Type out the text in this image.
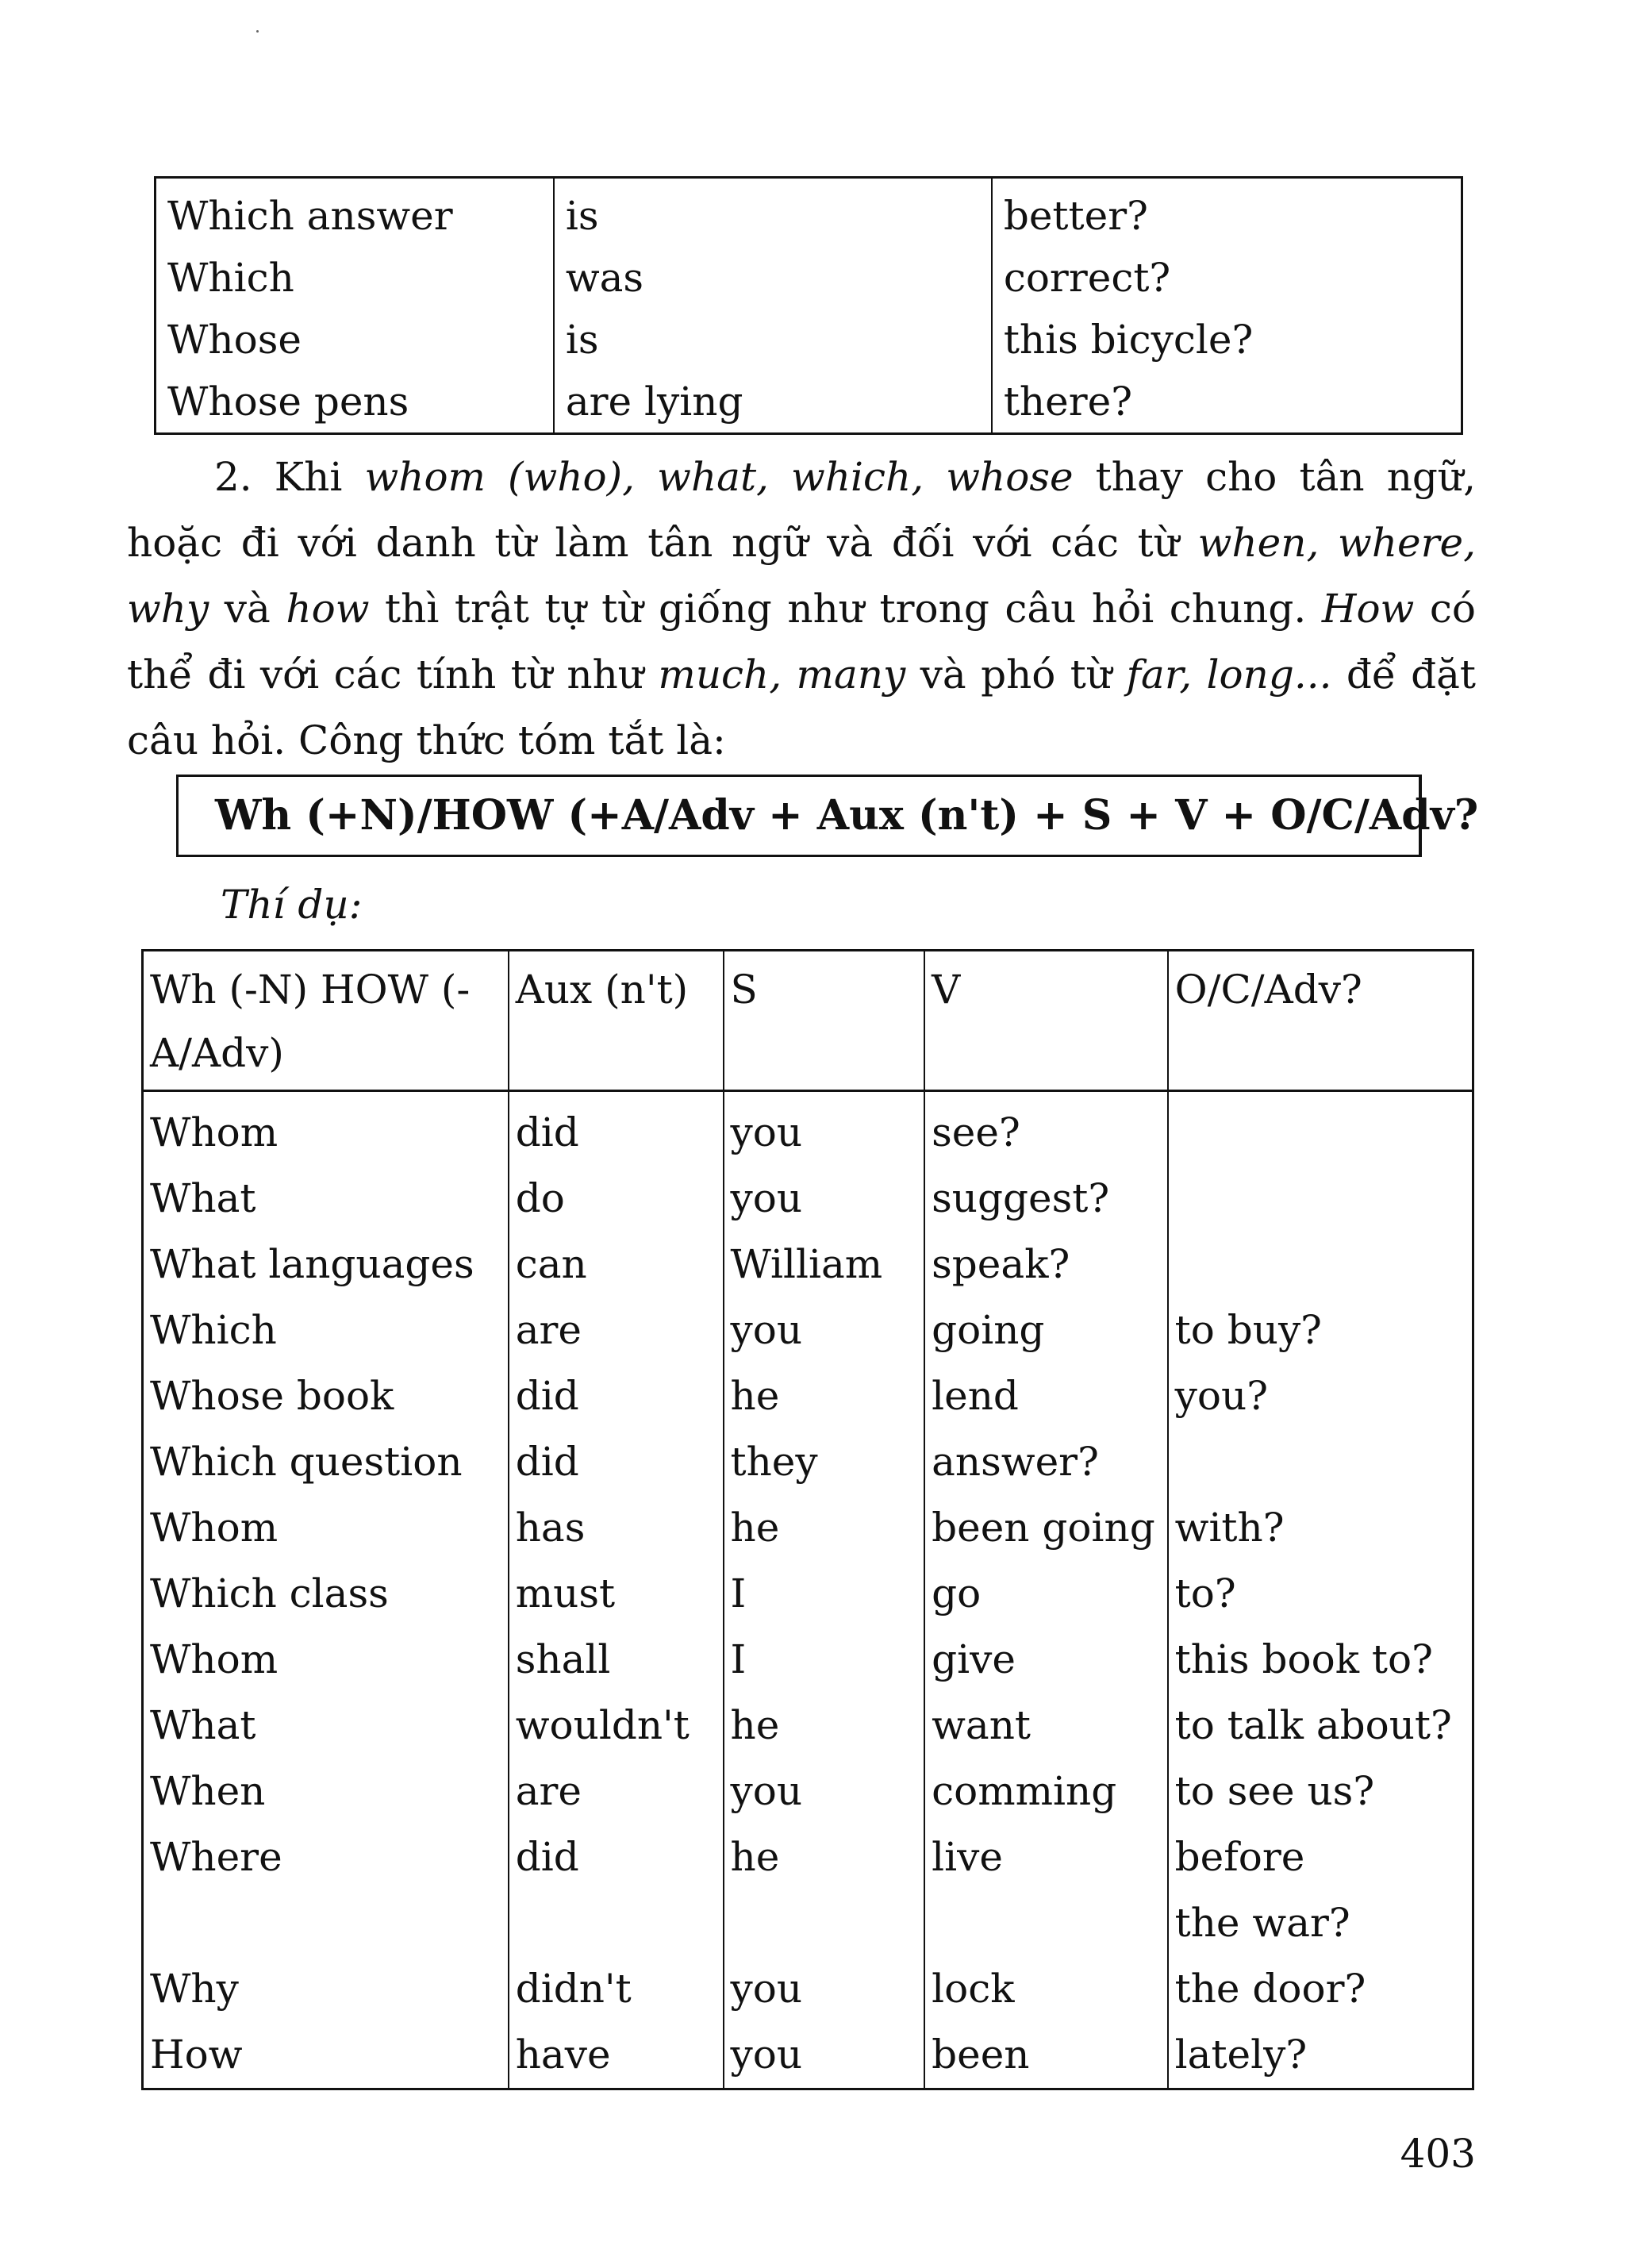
Which answer	is	better?
Which	was	correct?
Whose	is	this bicycle?
Whose pens	are lying	there?
2. Khi whom (who), what, which, whose thay cho tân ngữ, hoặc đi với danh từ làm tân ngữ và đối với các từ when, where, why và how thì trật tự từ giống như trong câu hỏi chung. How có thể đi với các tính từ như much, many và phó từ far, long... để đặt câu hỏi. Công thức tóm tắt là:
Wh (+N)/HOW (+A/Adv + Aux (n't) + S + V + O/C/Adv?
Thí dụ:
Wh (-N) HOW (-A/Adv)	Aux (n't)	S	V	O/C/Adv?
Whom	did	you	see?	
What	do	you	suggest?	
What languages	can	William	speak?	
Which	are	you	going	to buy?
Whose book	did	he	lend	you?
Which question	did	they	answer?	
Whom	has	he	been going	with?
Which class	must	I	go	to?
Whom	shall	I	give	this book to?
What	wouldn't	he	want	to talk about?
When	are	you	comming	to see us?
Where	did	he	live	before
				the war?
Why	didn't	you	lock	the door?
How	have	you	been	lately?
403
